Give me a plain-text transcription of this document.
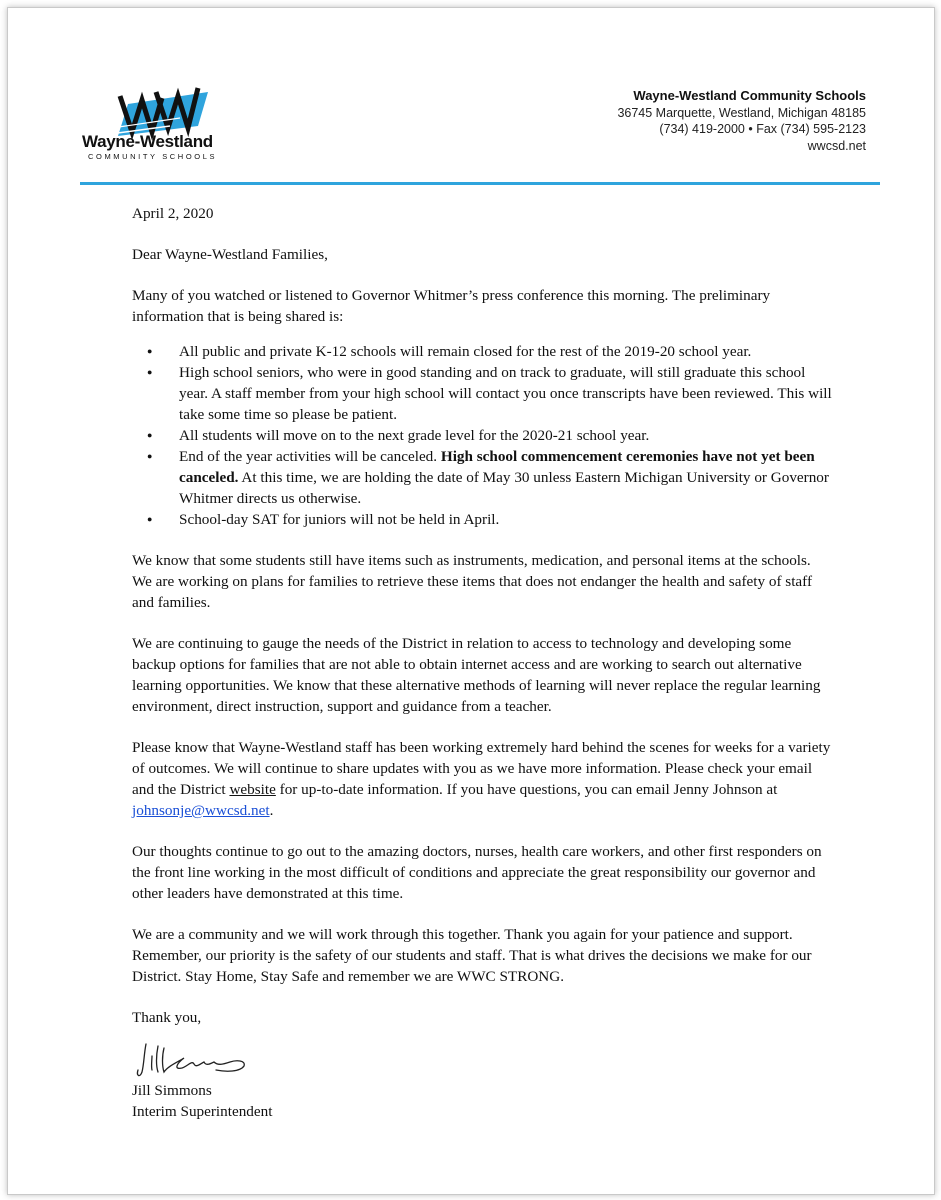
Wayne-Westland
COMMUNITY SCHOOLS
Wayne-Westland Community Schools
36745 Marquette, Westland, Michigan 48185
(734) 419-2000 • Fax (734) 595-2123
wwcsd.net

April 2, 2020

Dear Wayne-Westland Families,

Many of you watched or listened to Governor Whitmer’s press conference this morning. The preliminary information that is being shared is:

● All public and private K-12 schools will remain closed for the rest of the 2019-20 school year.
● High school seniors, who were in good standing and on track to graduate, will still graduate this school year. A staff member from your high school will contact you once transcripts have been reviewed. This will take some time so please be patient.
● All students will move on to the next grade level for the 2020-21 school year.
● End of the year activities will be canceled. High school commencement ceremonies have not yet been canceled. At this time, we are holding the date of May 30 unless Eastern Michigan University or Governor Whitmer directs us otherwise.
● School-day SAT for juniors will not be held in April.

We know that some students still have items such as instruments, medication, and personal items at the schools. We are working on plans for families to retrieve these items that does not endanger the health and safety of staff and families.

We are continuing to gauge the needs of the District in relation to access to technology and developing some backup options for families that are not able to obtain internet access and are working to search out alternative learning opportunities. We know that these alternative methods of learning will never replace the regular learning environment, direct instruction, support and guidance from a teacher.

Please know that Wayne-Westland staff has been working extremely hard behind the scenes for weeks for a variety of outcomes. We will continue to share updates with you as we have more information. Please check your email and the District website for up-to-date information. If you have questions, you can email Jenny Johnson at johnsonje@wwcsd.net.

Our thoughts continue to go out to the amazing doctors, nurses, health care workers, and other first responders on the front line working in the most difficult of conditions and appreciate the great responsibility our governor and other leaders have demonstrated at this time.

We are a community and we will work through this together. Thank you again for your patience and support. Remember, our priority is the safety of our students and staff. That is what drives the decisions we make for our District. Stay Home, Stay Safe and remember we are WWC STRONG.

Thank you,

Jill Simmons

Interim Superintendent
